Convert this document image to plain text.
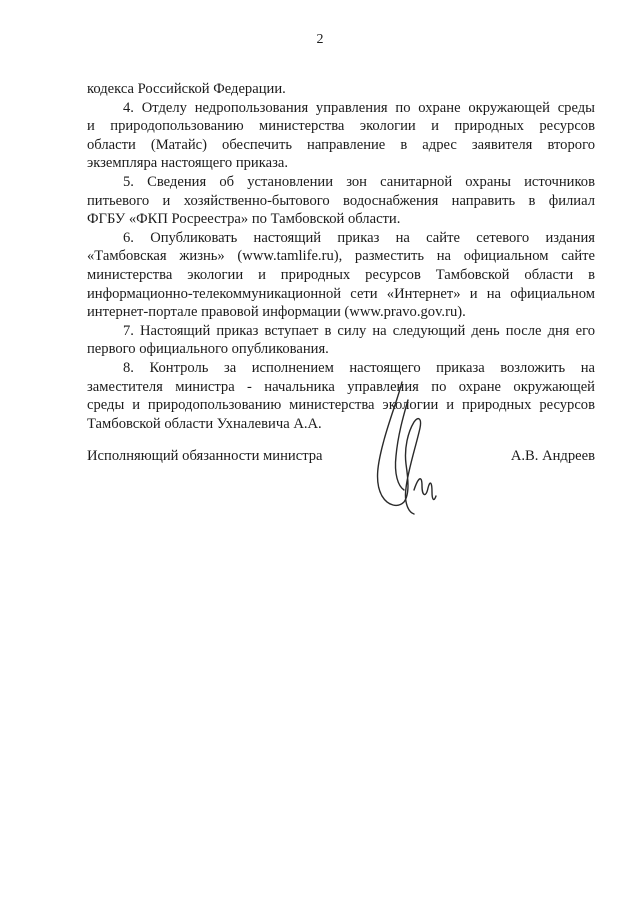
2
кодекса Российской Федерации.
4. Отделу недропользования управления по охране окружающей среды
и природопользованию министерства экологии и природных ресурсов
области (Матайс) обеспечить направление в адрес заявителя второго
экземпляра настоящего приказа.
5. Сведения об установлении зон санитарной охраны источников
питьевого и хозяйственно-бытового водоснабжения направить в филиал
ФГБУ «ФКП Росреестра» по Тамбовской области.
6. Опубликовать настоящий приказ на сайте сетевого издания
«Тамбовская жизнь» (www.tamlife.ru), разместить на официальном сайте
министерства экологии и природных ресурсов Тамбовской области в
информационно-телекоммуникационной сети «Интернет» и на официальном
интернет-портале правовой информации (www.pravo.gov.ru).
7. Настоящий приказ вступает в силу на следующий день после дня его
первого официального опубликования.
8. Контроль за исполнением настоящего приказа возложить на
заместителя министра - начальника управления по охране окружающей
среды и природопользованию министерства экологии и природных ресурсов
Тамбовской области Ухналевича А.А.
Исполняющий обязанности министра	А.В. Андреев
